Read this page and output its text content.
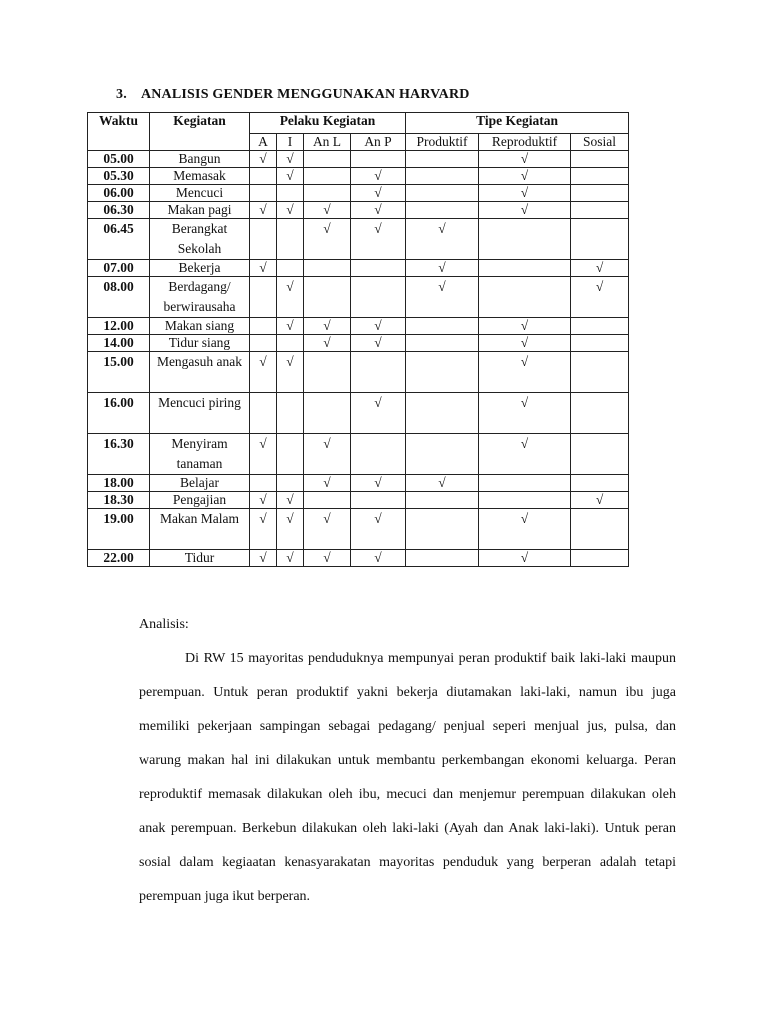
3. ANALISIS GENDER MENGGUNAKAN HARVARD
Waktu	Kegiatan	Pelaku Kegiatan				Tipe Kegiatan		
		A	I	An L	An P	Produktif	Reproduktif	Sosial
05.00	Bangun	√	√				√	
05.30	Memasak		√		√		√	
06.00	Mencuci				√		√	
06.30	Makan pagi	√	√	√	√		√	
06.45	Berangkat Sekolah			√	√	√		
07.00	Bekerja	√				√		√
08.00	Berdagang/ berwirausaha		√			√		√
12.00	Makan siang		√	√	√		√	
14.00	Tidur siang			√	√		√	
15.00	Mengasuh anak	√	√				√	
16.00	Mencuci piring				√		√	
16.30	Menyiram tanaman	√		√			√	
18.00	Belajar			√	√	√		
18.30	Pengajian	√	√					√
19.00	Makan Malam	√	√	√	√		√	
22.00	Tidur	√	√	√	√		√	

Analisis:

Di RW 15 mayoritas penduduknya mempunyai peran produktif baik laki-laki maupun perempuan. Untuk peran produktif yakni bekerja diutamakan laki-laki, namun ibu juga memiliki pekerjaan sampingan sebagai pedagang/ penjual seperi menjual jus, pulsa, dan warung makan hal ini dilakukan untuk membantu perkembangan ekonomi keluarga. Peran reproduktif memasak dilakukan oleh ibu, mecuci dan menjemur perempuan dilakukan oleh anak perempuan. Berkebun dilakukan oleh laki-laki (Ayah dan Anak laki-laki). Untuk peran sosial dalam kegiaatan kenasyarakatan mayoritas penduduk yang berperan adalah tetapi perempuan juga ikut berperan.
